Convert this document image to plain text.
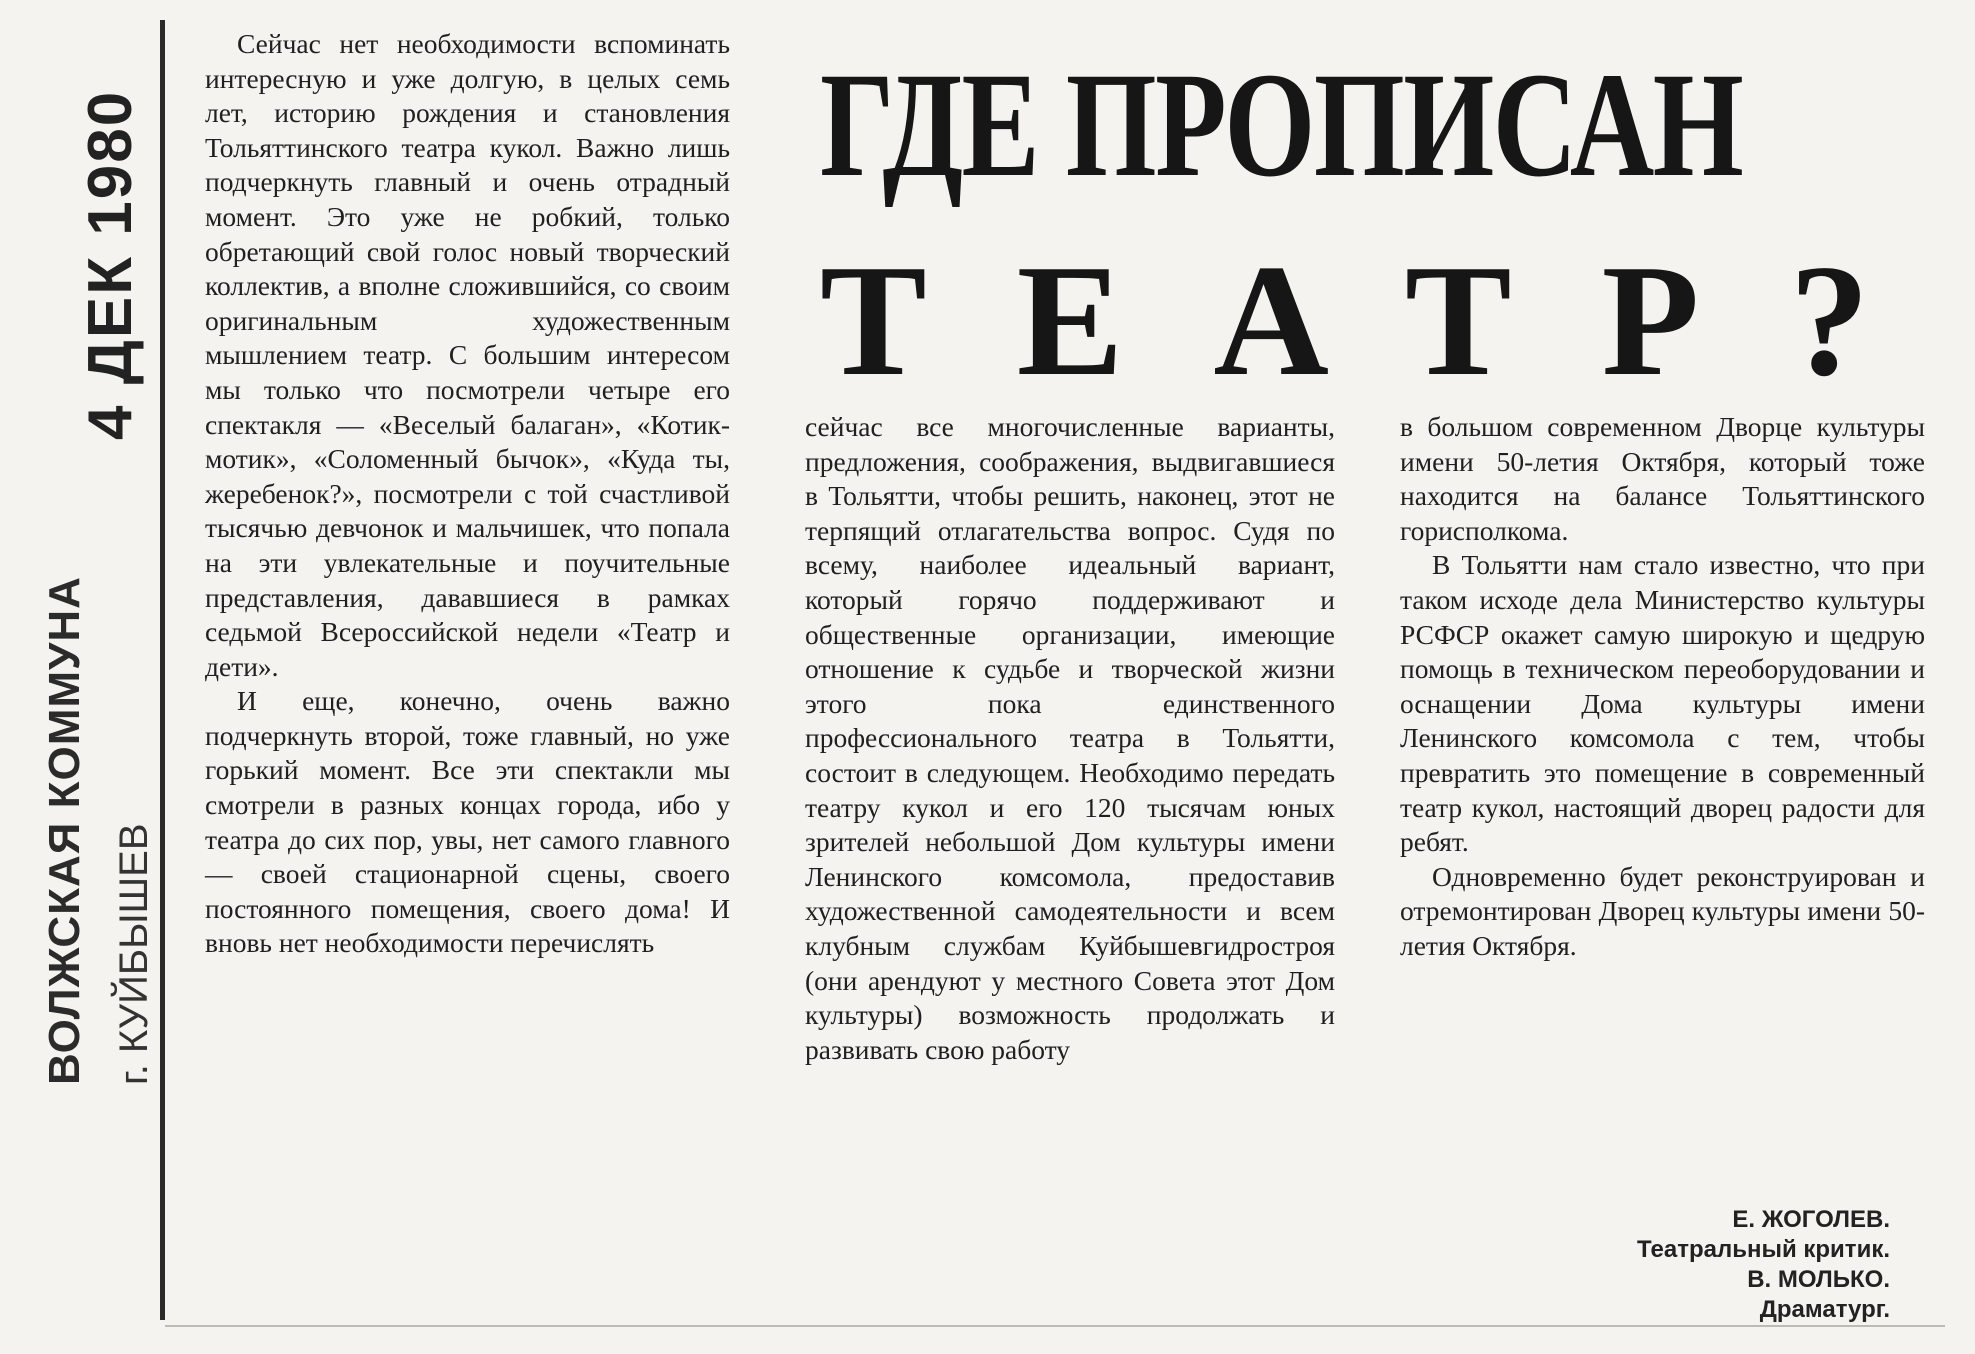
4 ДЕК 1980
ВОЛЖСКАЯ КОММУНА г. КУЙБЫШЕВ
ГДЕ ПРОПИСАН
ТЕАТР?

Сейчас нет необходимости вспоминать интересную и уже долгую, в целых семь лет, историю рождения и становления Тольяттинского театра кукол. Важно лишь подчеркнуть главный и очень отрадный момент. Это уже не робкий, только обретающий свой голос новый творческий коллектив, а вполне сложившийся, со своим оригинальным художественным мышлением театр. С большим интересом мы только что посмотрели четыре его спектакля — «Веселый балаган», «Котик-мотик», «Соломенный бычок», «Куда ты, жеребенок?», посмотрели с той счастливой тысячью девчонок и мальчишек, что попала на эти увлекательные и поучительные представления, дававшиеся в рамках седьмой Всероссийской недели «Театр и дети».

И еще, конечно, очень важно подчеркнуть второй, тоже главный, но уже горький момент. Все эти спектакли мы смотрели в разных концах города, ибо у театра до сих пор, увы, нет самого главного — своей стационарной сцены, своего постоянного помещения, своего дома! И вновь нет необходимости перечислять

сейчас все многочисленные варианты, предложения, соображения, выдвигавшиеся в Тольятти, чтобы решить, наконец, этот не терпящий отлагательства вопрос. Судя по всему, наиболее идеальный вариант, который горячо поддерживают и общественные организации, имеющие отношение к судьбе и творческой жизни этого пока единственного профессионального театра в Тольятти, состоит в следующем. Необходимо передать театру кукол и его 120 тысячам юных зрителей небольшой Дом культуры имени Ленинского комсомола, предоставив художественной самодеятельности и всем клубным службам Куйбышевгидростроя (они арендуют у местного Совета этот Дом культуры) возможность продолжать и развивать свою работу

в большом современном Дворце культуры имени 50-летия Октября, который тоже находится на балансе Тольяттинского горисполкома.

В Тольятти нам стало известно, что при таком исходе дела Министерство культуры РСФСР окажет самую широкую и щедрую помощь в техническом переоборудовании и оснащении Дома культуры имени Ленинского комсомола с тем, чтобы превратить это помещение в современный театр кукол, настоящий дворец радости для ребят.

Одновременно будет реконструирован и отремонтирован Дворец культуры имени 50-летия Октября.

Е. ЖОГОЛЕВ.
Театральный критик.
В. МОЛЬКО.
Драматург.
